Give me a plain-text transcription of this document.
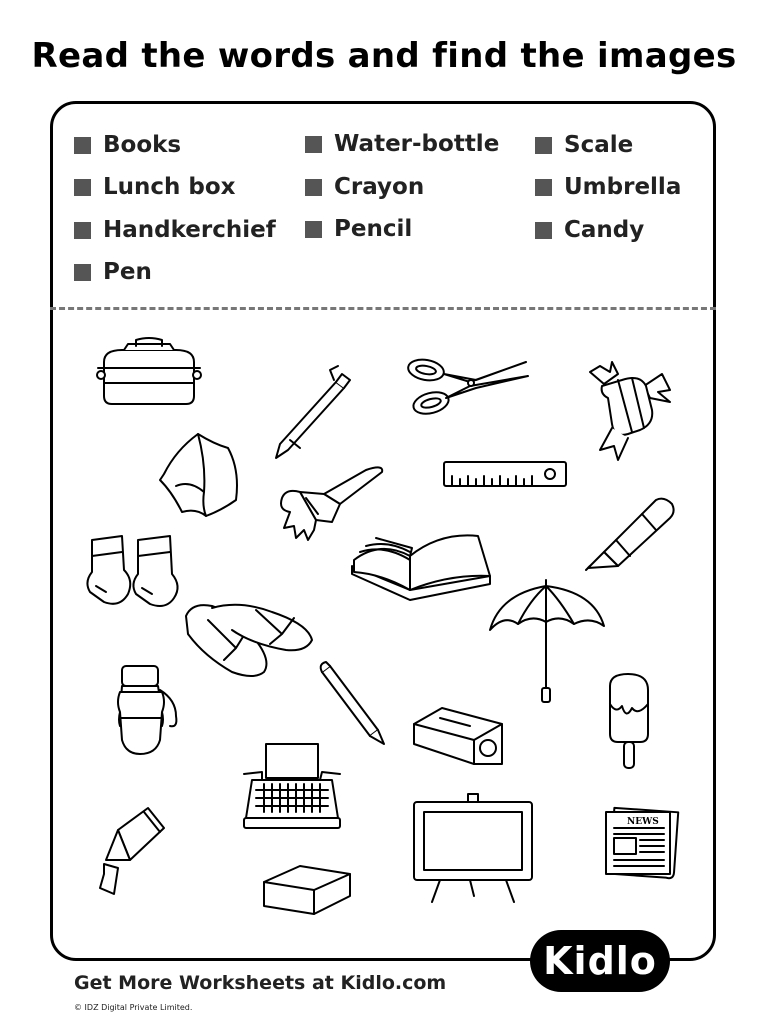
Read the words and find the images
Books
Lunch box
Handkerchief
Pen
Water-bottle
Crayon
Pencil
Scale
Umbrella
Candy
NEWS
Get More Worksheets at Kidlo.com
© IDZ Digital Private Limited.
Kidlo
